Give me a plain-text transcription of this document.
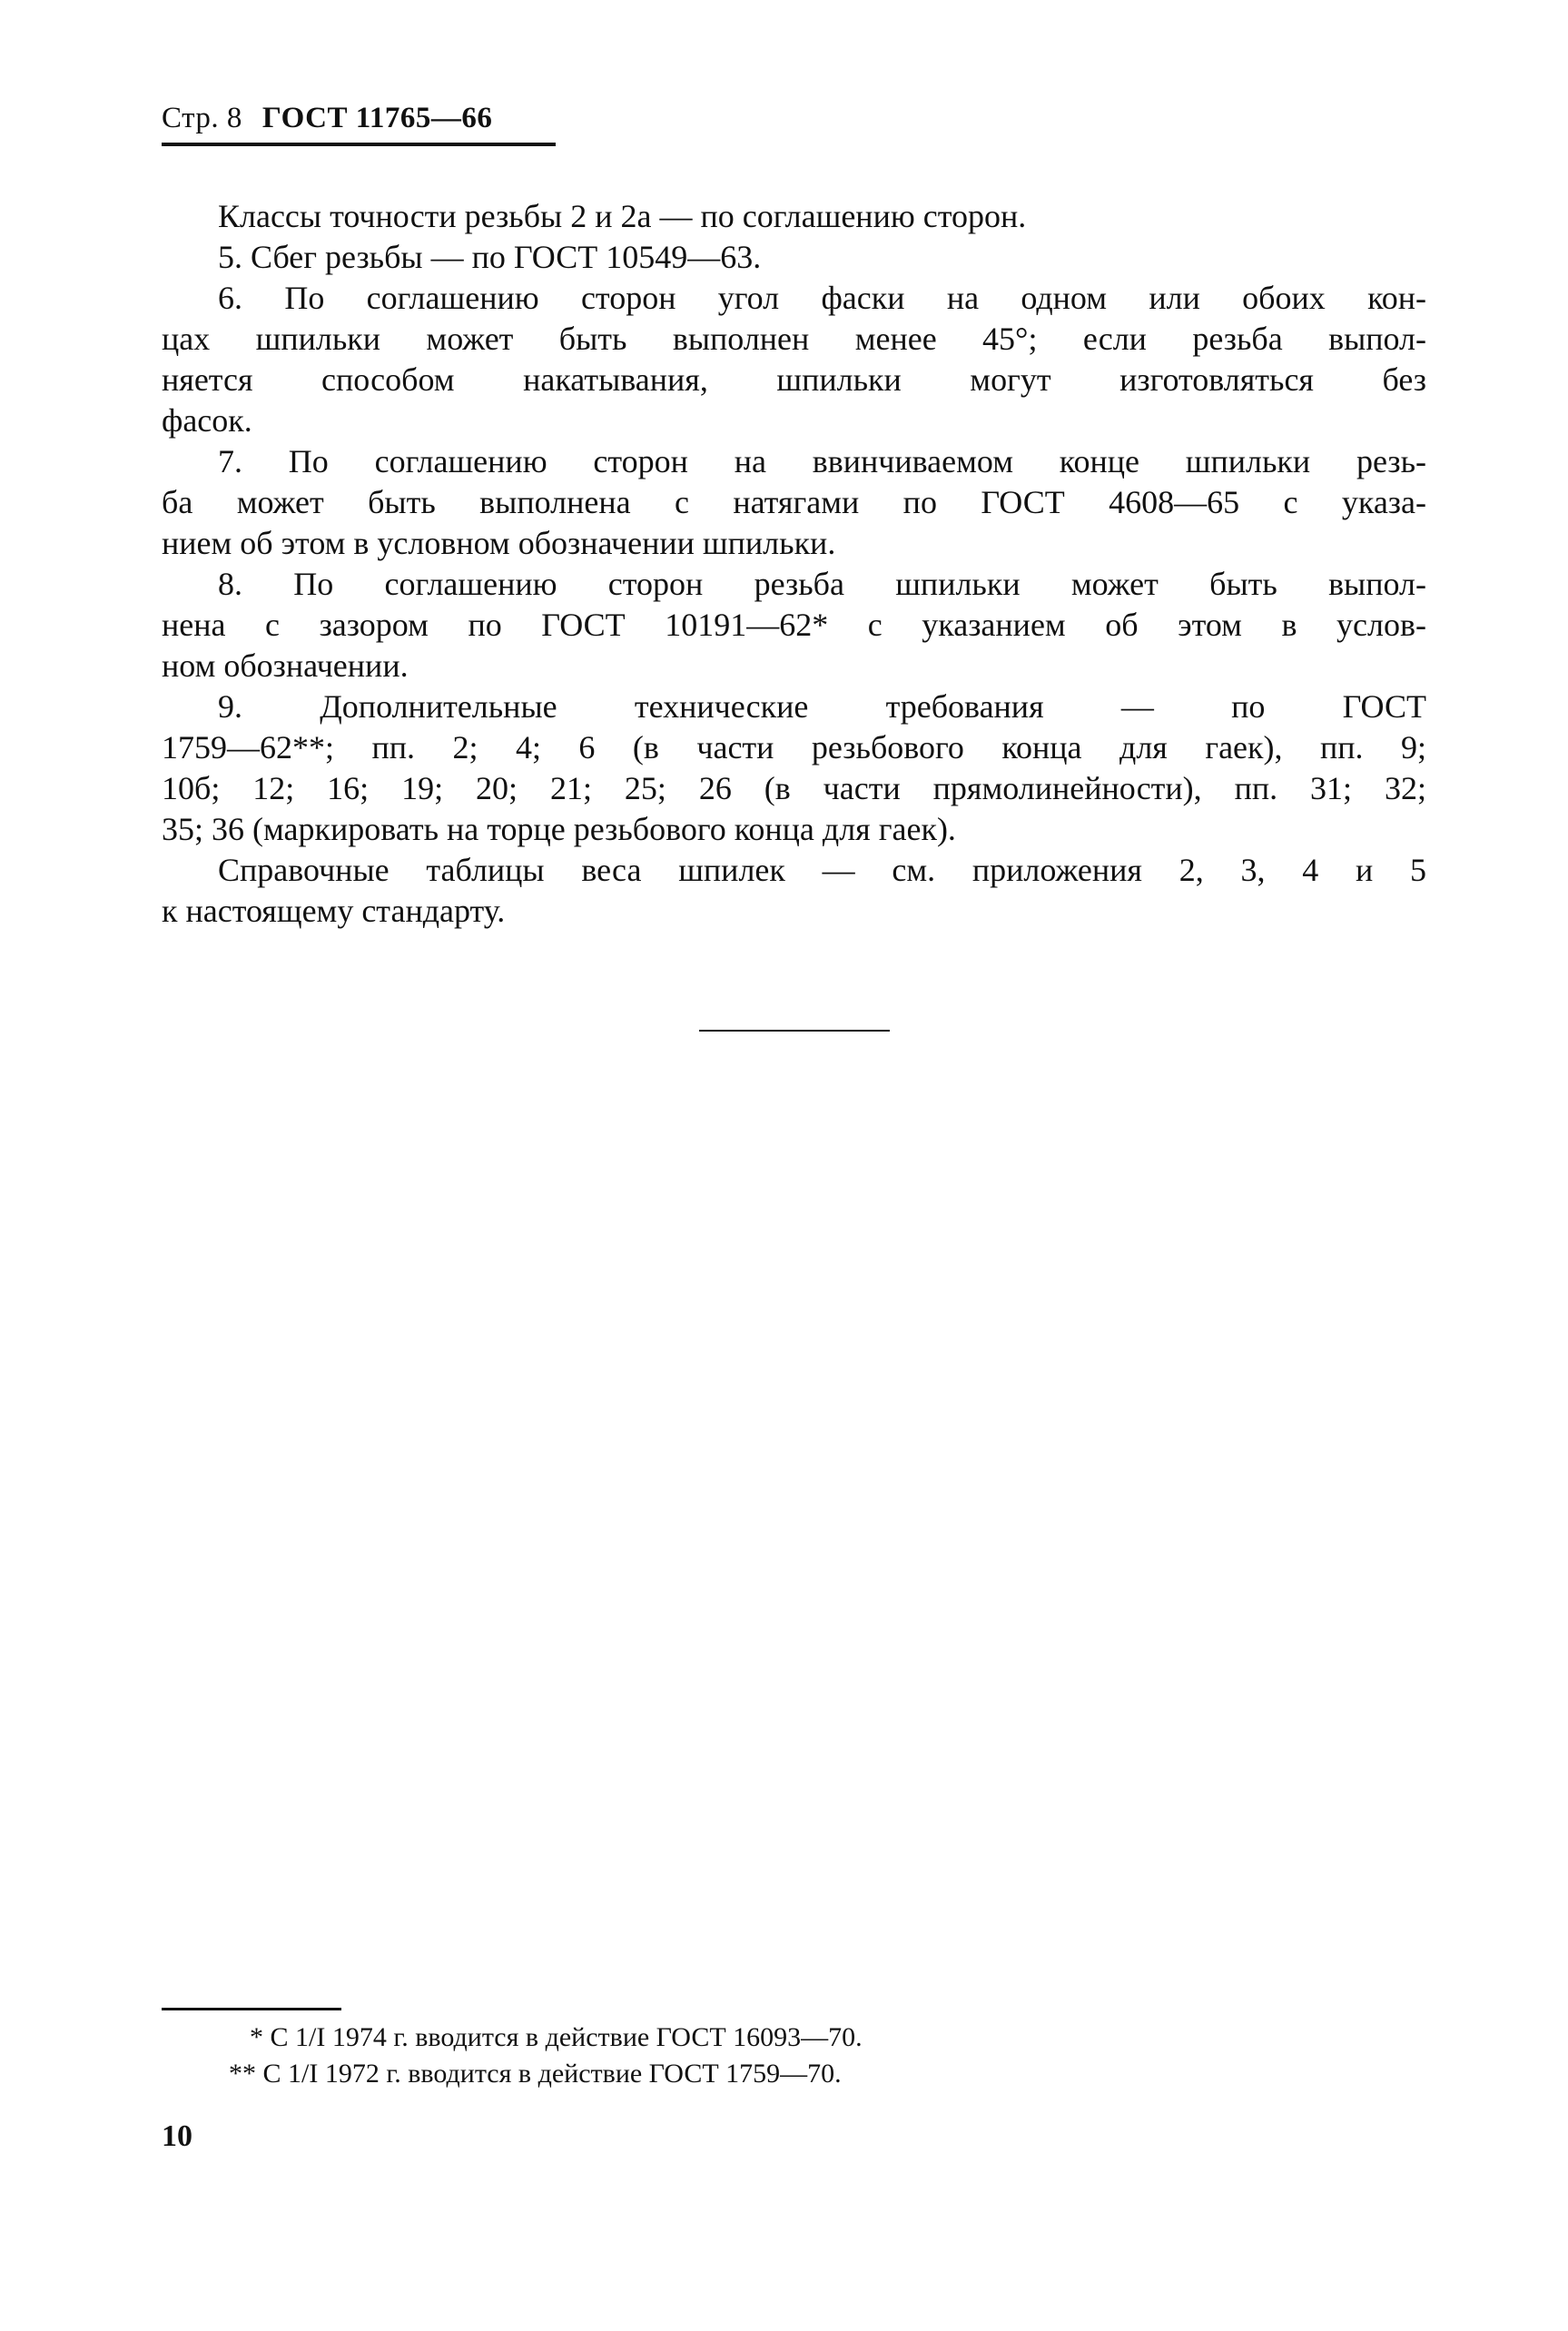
Стр. 8 ГОСТ 11765—66
Классы точности резьбы 2 и 2а — по соглашению сторон.
5. Сбег резьбы — по ГОСТ 10549—63.
6. По соглашению сторон угол фаски на одном или обоих кон-
цах шпильки может быть выполнен менее 45°; если резьба выпол-
няется способом накатывания, шпильки могут изготовляться без
фасок.
7. По соглашению сторон на ввинчиваемом конце шпильки резь-
ба может быть выполнена с натягами по ГОСТ 4608—65 с указа-
нием об этом в условном обозначении шпильки.
8. По соглашению сторон резьба шпильки может быть выпол-
нена с зазором по ГОСТ 10191—62* с указанием об этом в услов-
ном обозначении.
9. Дополнительные технические требования — по ГОСТ
1759—62**; пп. 2; 4; 6 (в части резьбового конца для гаек), пп. 9;
10б; 12; 16; 19; 20; 21; 25; 26 (в части прямолинейности), пп. 31; 32;
35; 36 (маркировать на торце резьбового конца для гаек).
Справочные таблицы веса шпилек — см. приложения 2, 3, 4 и 5
к настоящему стандарту.
* С 1/I 1974 г. вводится в действие ГОСТ 16093—70.
** С 1/I 1972 г. вводится в действие ГОСТ 1759—70.
10
